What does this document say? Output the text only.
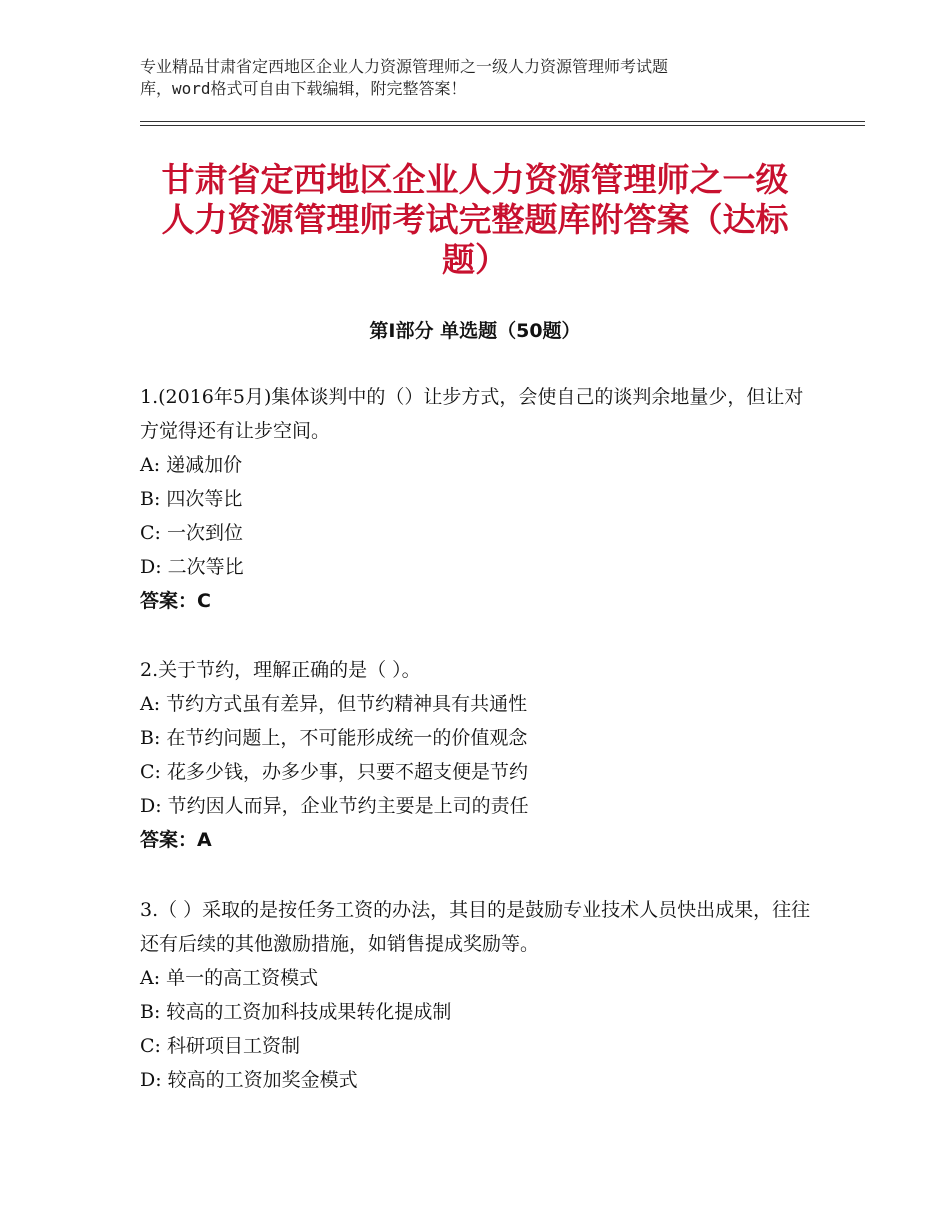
专业精品甘肃省定西地区企业人力资源管理师之一级人力资源管理师考试题
库，word格式可自由下载编辑，附完整答案！
甘肃省定西地区企业人力资源管理师之一级
人力资源管理师考试完整题库附答案（达标
题）
第Ⅰ部分 单选题（50题）

1.(2016年5月)集体谈判中的（）让步方式，会使自己的谈判余地量少，但让对方觉得还有让步空间。

A: 递减加价

B: 四次等比

C: 一次到位

D: 二次等比

答案：C

2.关于节约，理解正确的是（ ）。

A: 节约方式虽有差异，但节约精神具有共通性

B: 在节约问题上，不可能形成统一的价值观念

C: 花多少钱，办多少事，只要不超支便是节约

D: 节约因人而异，企业节约主要是上司的责任

答案：A

3.（ ）采取的是按任务工资的办法，其目的是鼓励专业技术人员快出成果，往往还有后续的其他激励措施，如销售提成奖励等。

A: 单一的高工资模式

B: 较高的工资加科技成果转化提成制

C: 科研项目工资制

D: 较高的工资加奖金模式
